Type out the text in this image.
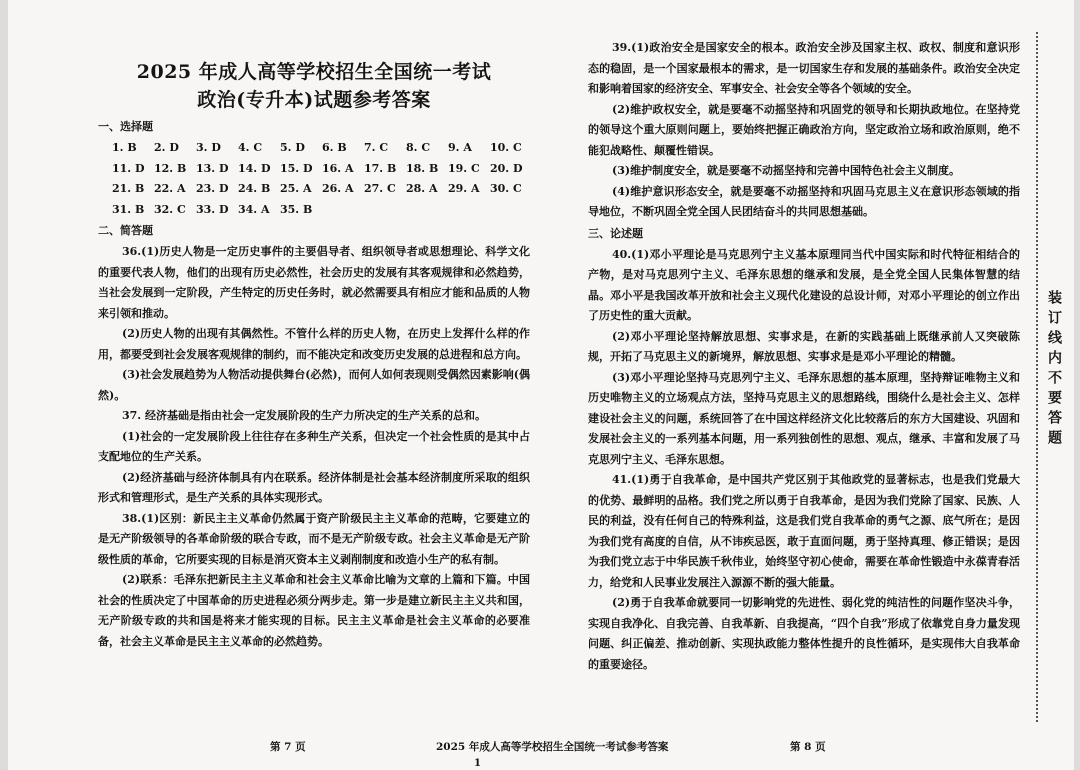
2025 年成人高等学校招生全国统一考试
政治(专升本)试题参考答案
一、选择题
1. B	2. D	3. D	4. C	5. D	6. B	7. C	8. C	9. A	10. C
11. D 12. B 13. D 14. D 15. D 16. A 17. B 18. B 19. C 20. D
21. B 22. A 23. D 24. B 25. A 26. A 27. C 28. A 29. A 30. C
31. B 32. C 33. D 34. A 35. B
二、简答题

36.(1)历史人物是一定历史事件的主要倡导者、组织领导者或思想理论、科学文化的重要代表人物，他们的出现有历史必然性，社会历史的发展有其客观规律和必然趋势，当社会发展到一定阶段，产生特定的历史任务时，就必然需要具有相应才能和品质的人物来引领和推动。

(2)历史人物的出现有其偶然性。不管什么样的历史人物，在历史上发挥什么样的作用，都要受到社会发展客观规律的制约，而不能决定和改变历史发展的总进程和总方向。

(3)社会发展趋势为人物活动提供舞台(必然)，而何人如何表现则受偶然因素影响(偶然)。

37. 经济基础是指由社会一定发展阶段的生产力所决定的生产关系的总和。

(1)社会的一定发展阶段上往往存在多种生产关系，但决定一个社会性质的是其中占支配地位的生产关系。

(2)经济基础与经济体制具有内在联系。经济体制是社会基本经济制度所采取的组织形式和管理形式，是生产关系的具体实现形式。

38.(1)区别：新民主主义革命仍然属于资产阶级民主主义革命的范畴，它要建立的是无产阶级领导的各革命阶级的联合专政，而不是无产阶级专政。社会主义革命是无产阶级性质的革命，它所要实现的目标是消灭资本主义剥削制度和改造小生产的私有制。

(2)联系：毛泽东把新民主主义革命和社会主义革命比喻为文章的上篇和下篇。中国社会的性质决定了中国革命的历史进程必须分两步走。第一步是建立新民主主义共和国，无产阶级专政的共和国是将来才能实现的目标。民主主义革命是社会主义革命的必要准备，社会主义革命是民主主义革命的必然趋势。

39.(1)政治安全是国家安全的根本。政治安全涉及国家主权、政权、制度和意识形态的稳固，是一个国家最根本的需求，是一切国家生存和发展的基础条件。政治安全决定和影响着国家的经济安全、军事安全、社会安全等各个领域的安全。

(2)维护政权安全，就是要毫不动摇坚持和巩固党的领导和长期执政地位。在坚持党的领导这个重大原则问题上，要始终把握正确政治方向，坚定政治立场和政治原则，绝不能犯战略性、颠覆性错误。

(3)维护制度安全，就是要毫不动摇坚持和完善中国特色社会主义制度。

(4)维护意识形态安全，就是要毫不动摇坚持和巩固马克思主义在意识形态领域的指导地位，不断巩固全党全国人民团结奋斗的共同思想基础。

三、论述题

40.(1)邓小平理论是马克思列宁主义基本原理同当代中国实际和时代特征相结合的产物，是对马克思列宁主义、毛泽东思想的继承和发展，是全党全国人民集体智慧的结晶。邓小平是我国改革开放和社会主义现代化建设的总设计师，对邓小平理论的创立作出了历史性的重大贡献。

(2)邓小平理论坚持解放思想、实事求是，在新的实践基础上既继承前人又突破陈规，开拓了马克思主义的新境界，解放思想、实事求是是邓小平理论的精髓。

(3)邓小平理论坚持马克思列宁主义、毛泽东思想的基本原理，坚持辩证唯物主义和历史唯物主义的立场观点方法，坚持马克思主义的思想路线，围绕什么是社会主义、怎样建设社会主义的问题，系统回答了在中国这样经济文化比较落后的东方大国建设、巩固和发展社会主义的一系列基本问题，用一系列独创性的思想、观点，继承、丰富和发展了马克思列宁主义、毛泽东思想。

41.(1)勇于自我革命，是中国共产党区别于其他政党的显著标志，也是我们党最大的优势、最鲜明的品格。我们党之所以勇于自我革命，是因为我们党除了国家、民族、人民的利益，没有任何自己的特殊利益，这是我们党自我革命的勇气之源、底气所在；是因为我们党有高度的自信，从不讳疾忌医，敢于直面问题，勇于坚持真理、修正错误；是因为我们党立志于中华民族千秋伟业，始终坚守初心使命，需要在革命性锻造中永葆青春活力，给党和人民事业发展注入源源不断的强大能量。

(2)勇于自我革命就要同一切影响党的先进性、弱化党的纯洁性的问题作坚决斗争，实现自我净化、自我完善、自我革新、自我提高，“四个自我”形成了依靠党自身力量发现问题、纠正偏差、推动创新、实现执政能力整体性提升的良性循环，是实现伟大自我革命的重要途径。

第 7 页	2025 年成人高等学校招生全国统一考试参考答案	第 8 页
1
装订线内不要答题
